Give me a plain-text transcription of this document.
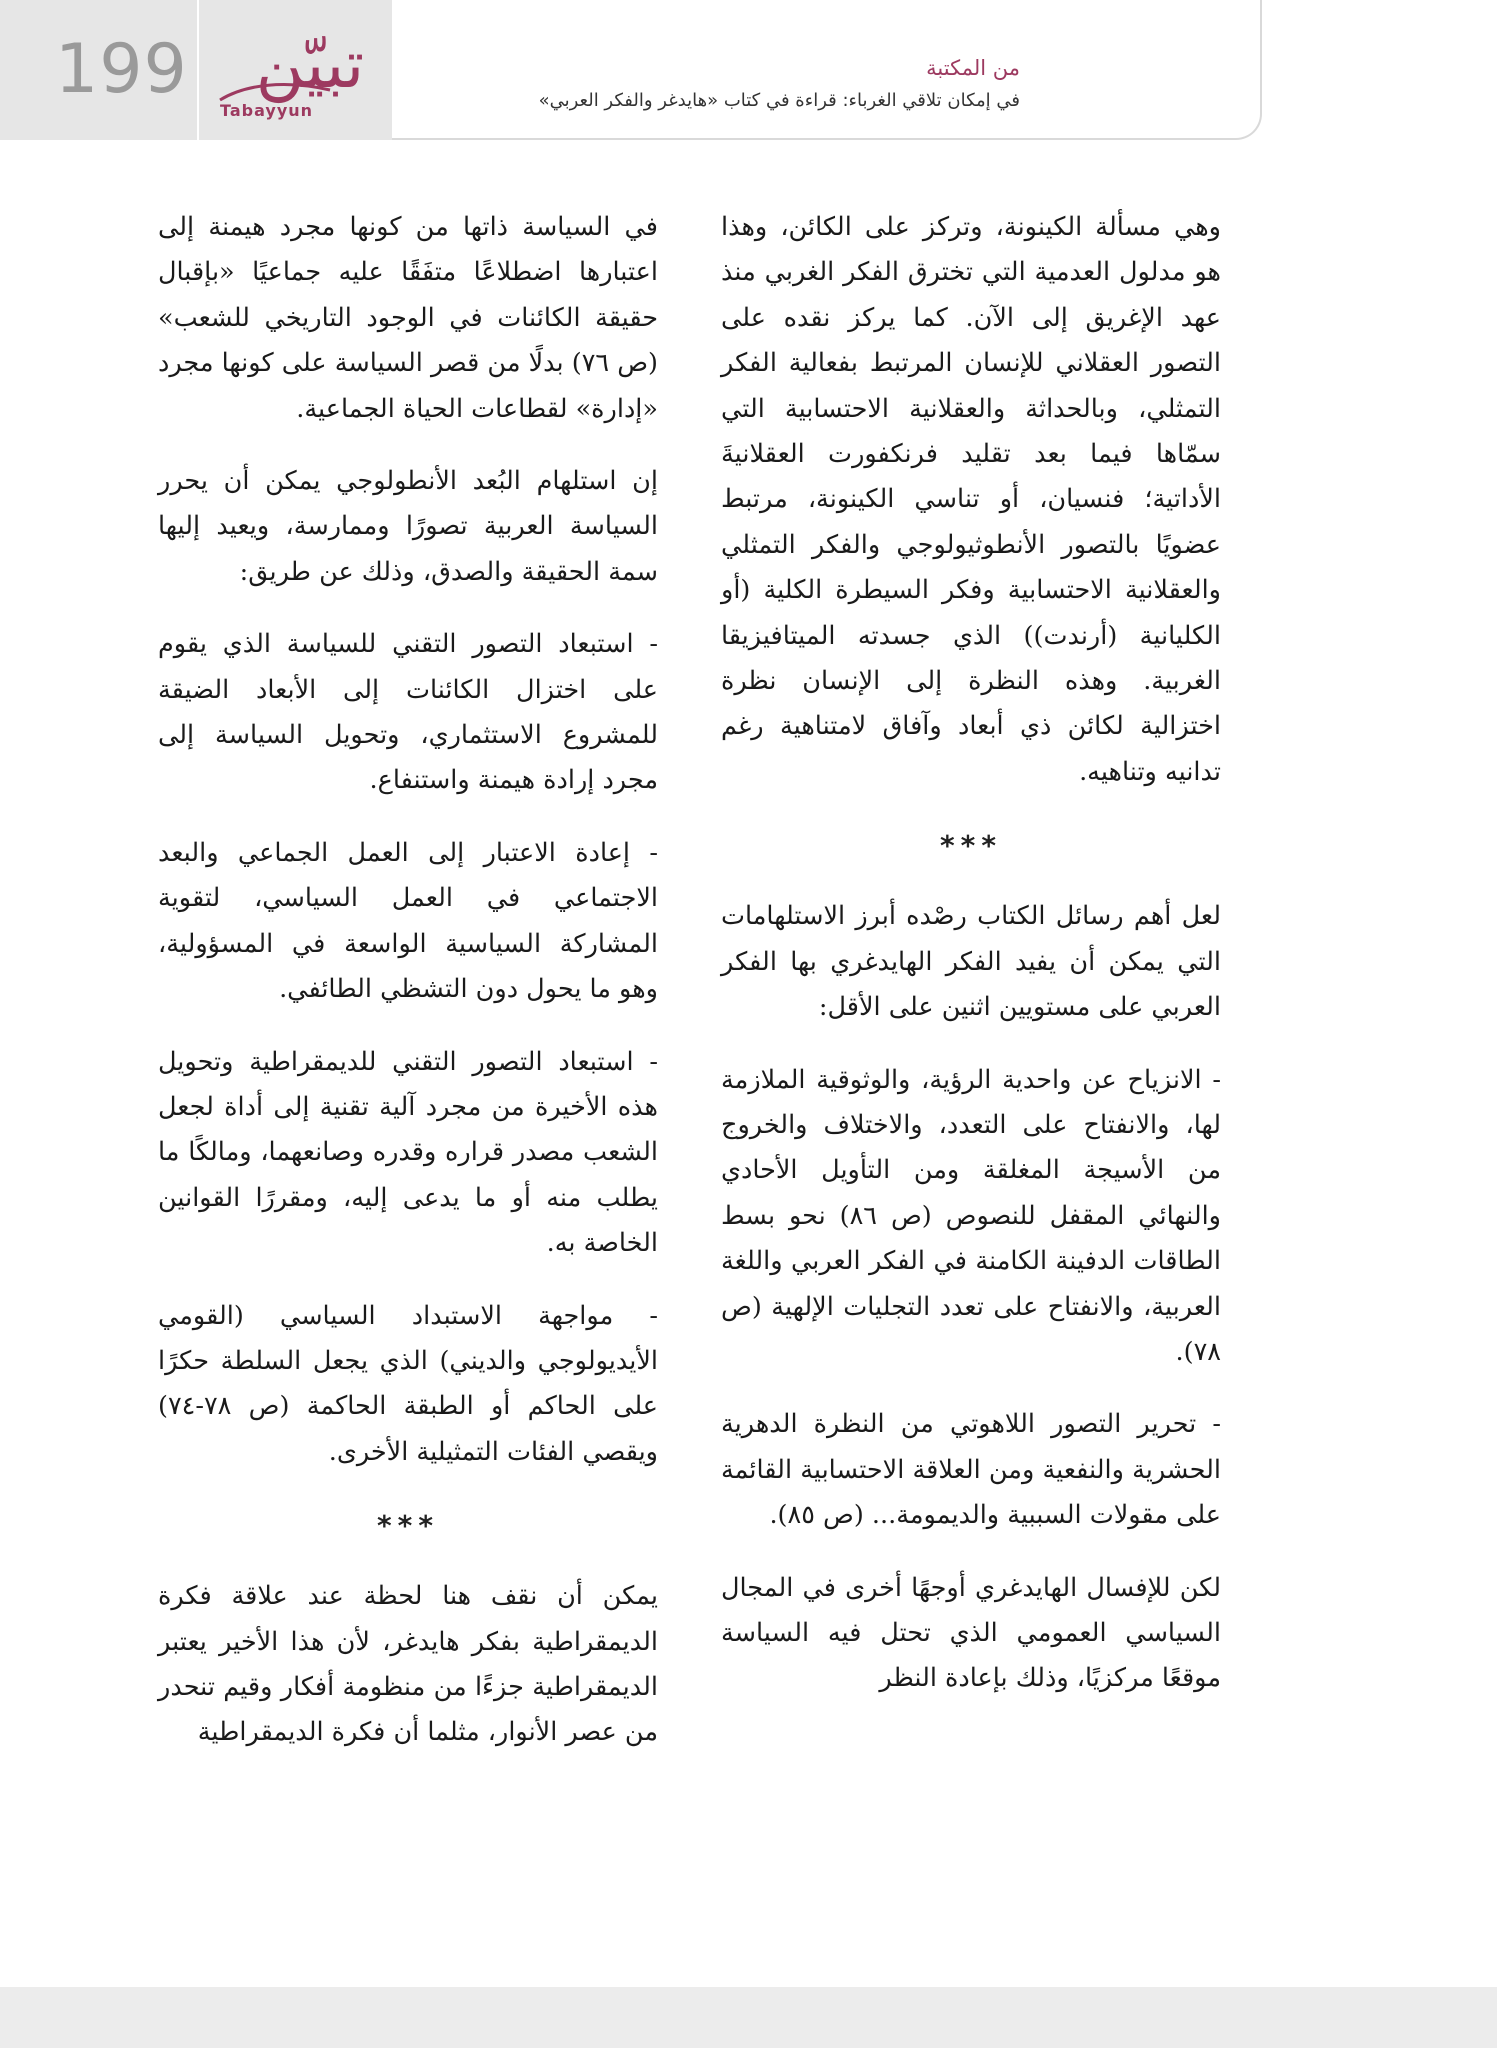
199	تبيّن
Tabayyun
من المكتبة
في إمكان تلاقي الغرباء: قراءة في كتاب «هايدغر والفكر العربي»

وهي مسألة الكينونة، وتركز على الكائن، وهذا هو مدلول العدمية التي تخترق الفكر الغربي منذ عهد الإغريق إلى الآن. كما يركز نقده على التصور العقلاني للإنسان المرتبط بفعالية الفكر التمثلي، وبالحداثة والعقلانية الاحتسابية التي سمّاها فيما بعد تقليد فرنكفورت العقلانيةَ الأداتية؛ فنسيان، أو تناسي الكينونة، مرتبط عضويًا بالتصور الأنطوثيولوجي والفكر التمثلي والعقلانية الاحتسابية وفكر السيطرة الكلية (أو الكليانية (أرندت)) الذي جسدته الميتافيزيقا الغربية. وهذه النظرة إلى الإنسان نظرة اختزالية لكائن ذي أبعاد وآفاق لامتناهية رغم تدانيه وتناهيه.

***

لعل أهم رسائل الكتاب رصْده أبرز الاستلهامات التي يمكن أن يفيد الفكر الهايدغري بها الفكر العربي على مستويين اثنين على الأقل:

- الانزياح عن واحدية الرؤية، والوثوقية الملازمة لها، والانفتاح على التعدد، والاختلاف والخروج من الأسيجة المغلقة ومن التأويل الأحادي والنهائي المقفل للنصوص (ص ٨٦) نحو بسط الطاقات الدفينة الكامنة في الفكر العربي واللغة العربية، والانفتاح على تعدد التجليات الإلهية (ص ٧٨).

- تحرير التصور اللاهوتي من النظرة الدهرية الحشرية والنفعية ومن العلاقة الاحتسابية القائمة على مقولات السببية والديمومة... (ص ٨٥).

لكن للإفسال الهايدغري أوجهًا أخرى في المجال السياسي العمومي الذي تحتل فيه السياسة موقعًا مركزيًا، وذلك بإعادة النظر

في السياسة ذاتها من كونها مجرد هيمنة إلى اعتبارها اضطلاعًا متفَقًا عليه جماعيًا «بإقبال حقيقة الكائنات في الوجود التاريخي للشعب» (ص ٧٦) بدلًا من قصر السياسة على كونها مجرد «إدارة» لقطاعات الحياة الجماعية.

إن استلهام البُعد الأنطولوجي يمكن أن يحرر السياسة العربية تصورًا وممارسة، ويعيد إليها سمة الحقيقة والصدق، وذلك عن طريق:

- استبعاد التصور التقني للسياسة الذي يقوم على اختزال الكائنات إلى الأبعاد الضيقة للمشروع الاستثماري، وتحويل السياسة إلى مجرد إرادة هيمنة واستنفاع.

- إعادة الاعتبار إلى العمل الجماعي والبعد الاجتماعي في العمل السياسي، لتقوية المشاركة السياسية الواسعة في المسؤولية، وهو ما يحول دون التشظي الطائفي.

- استبعاد التصور التقني للديمقراطية وتحويل هذه الأخيرة من مجرد آلية تقنية إلى أداة لجعل الشعب مصدر قراره وقدره وصانعهما، ومالكًا ما يطلب منه أو ما يدعى إليه، ومقررًا القوانين الخاصة به.

- مواجهة الاستبداد السياسي (القومي الأيديولوجي والديني) الذي يجعل السلطة حكرًا على الحاكم أو الطبقة الحاكمة (ص ٧٨-٧٤) ويقصي الفئات التمثيلية الأخرى.

***

يمكن أن نقف هنا لحظة عند علاقة فكرة الديمقراطية بفكر هايدغر، لأن هذا الأخير يعتبر الديمقراطية جزءًا من منظومة أفكار وقيم تنحدر من عصر الأنوار، مثلما أن فكرة الديمقراطية
